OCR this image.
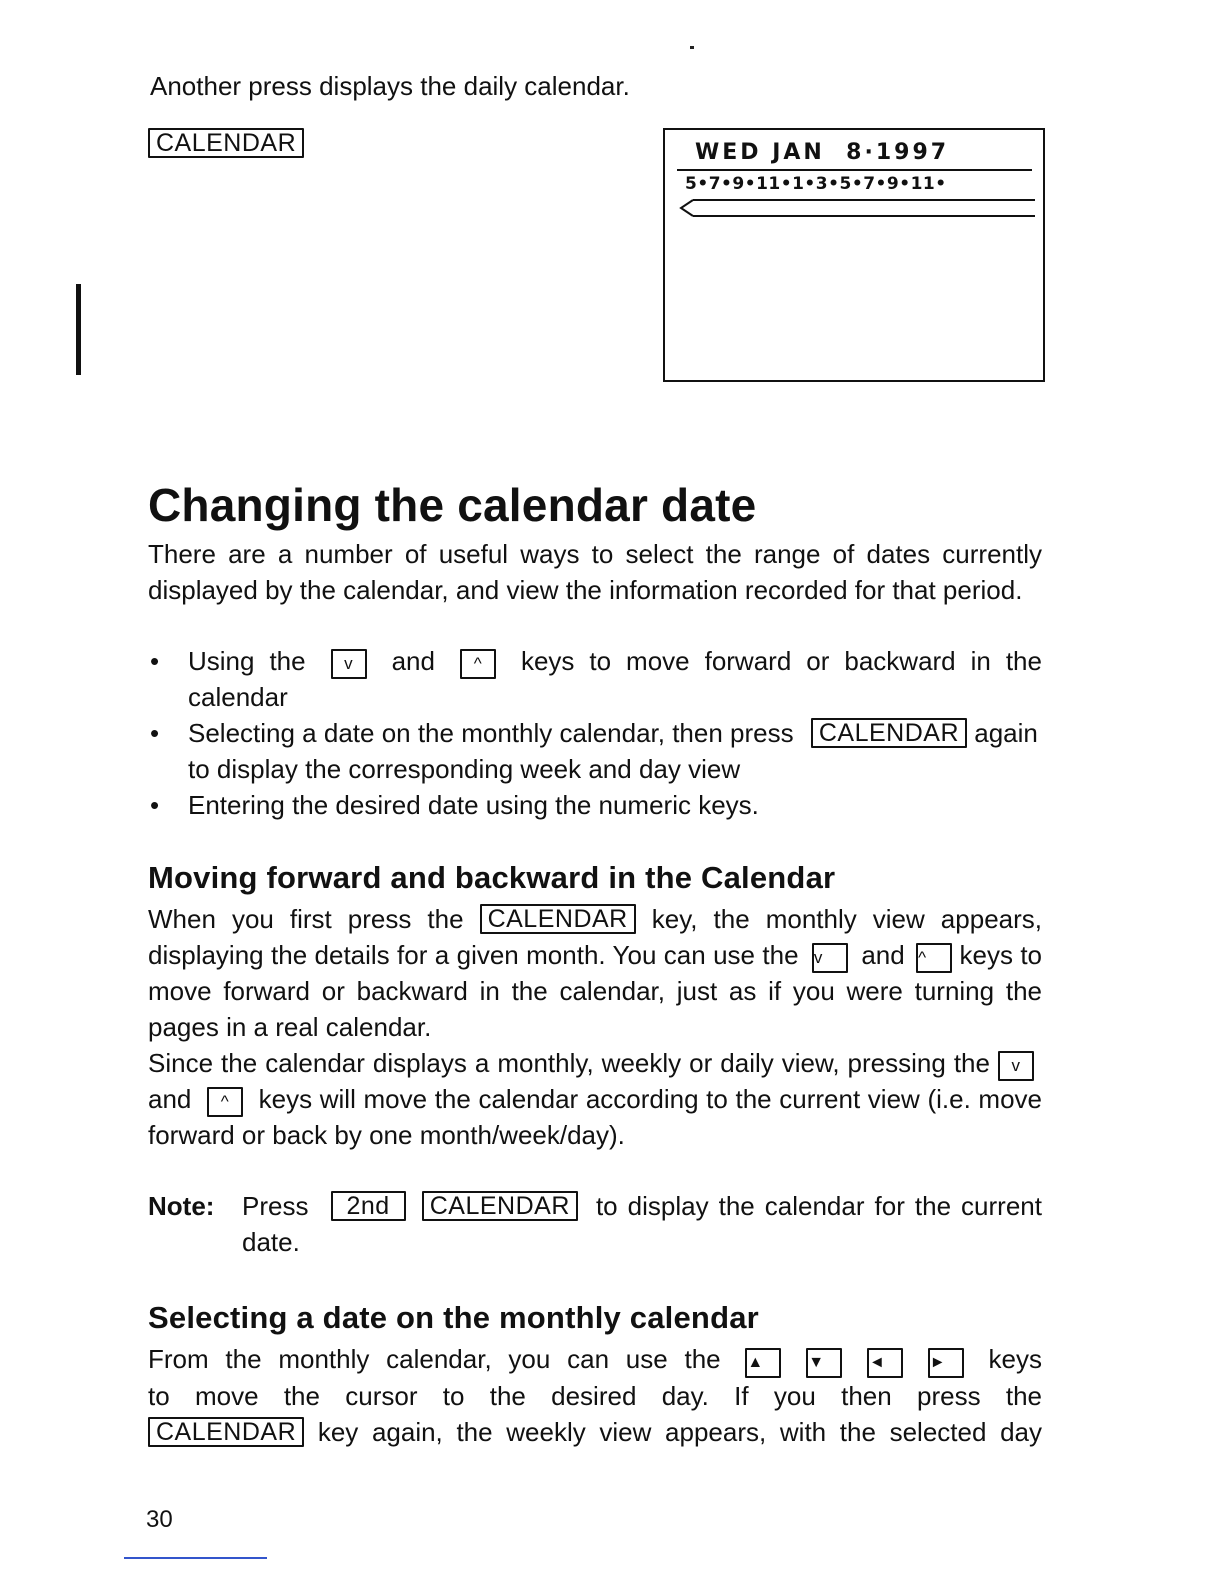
Another press displays the daily calendar.

CALENDAR	WED JAN  8·1997
5•7•9•11•1•3•5•7•9•11•
Changing the calendar date

There are a number of useful ways to select the range of dates currently displayed by the calendar, and view the information recorded for that period.

• Using the v and ^ keys to move forward or backward in the calendar
• Selecting a date on the monthly calendar, then press CALENDAR again to display the corresponding week and day view
• Entering the desired date using the numeric keys.
Moving forward and backward in the Calendar

When you first press the CALENDAR key, the monthly view appears,

displaying the details for a given month. You can use the v and ^ keys to move forward or backward in the calendar, just as if you were turning the pages in a real calendar.

Since the calendar displays a monthly, weekly or daily view, pressing the v and ^ keys will move the calendar according to the current view (i.e. move forward or back by one month/week/day).

Note: Press 2nd CALENDAR to display the calendar for the current date.

Selecting a date on the monthly calendar

From the monthly calendar, you can use the ▲	▼	◄	► keys

to move the cursor to the desired day. If you then press the

CALENDAR key again, the weekly view appears, with the selected day

30
